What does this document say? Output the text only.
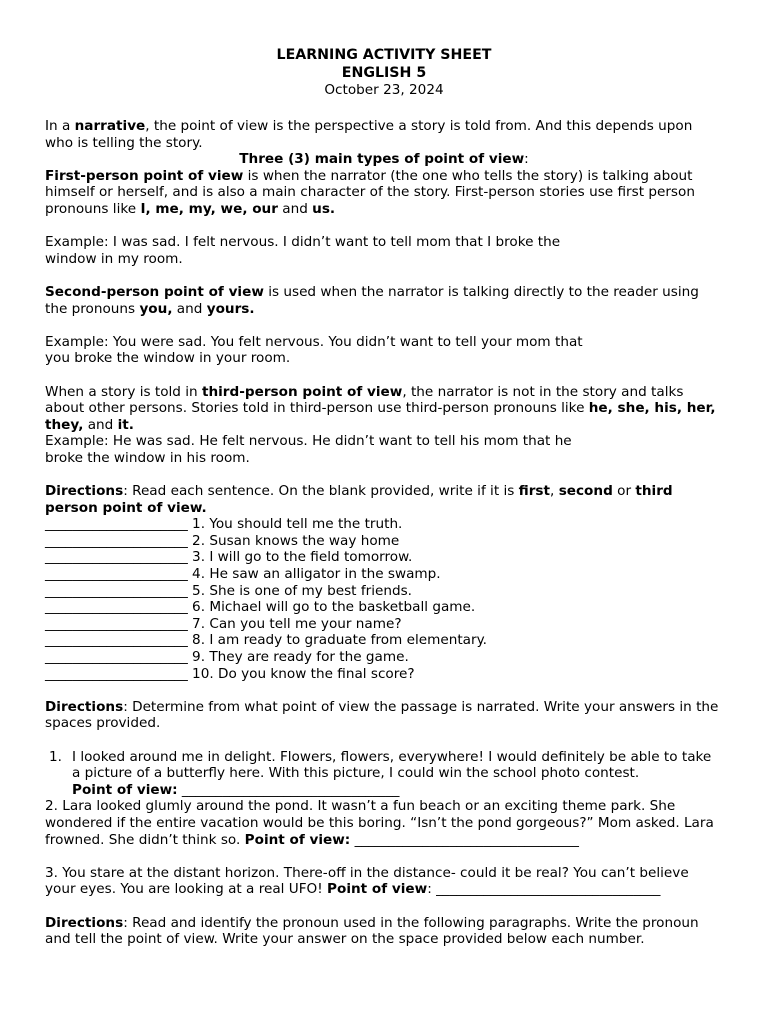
LEARNING ACTIVITY SHEET
ENGLISH 5
October 23, 2024

In a narrative, the point of view is the perspective a story is told from. And this depends upon who is telling the story.

Three (3) main types of point of view:

First-person point of view is when the narrator (the one who tells the story) is talking about himself or herself, and is also a main character of the story. First-person stories use first person pronouns like I, me, my, we, our and us.

Example: I was sad. I felt nervous. I didn’t want to tell mom that I broke the

window in my room.

Second-person point of view is used when the narrator is talking directly to the reader using the pronouns you, and yours.

Example: You were sad. You felt nervous. You didn’t want to tell your mom that

you broke the window in your room.

When a story is told in third-person point of view, the narrator is not in the story and talks about other persons. Stories told in third-person use third-person pronouns like he, she, his, her, they, and it.

Example: He was sad. He felt nervous. He didn’t want to tell his mom that he

broke the window in his room.

Directions: Read each sentence. On the blank provided, write if it is first, second or third person point of view.

_____________________ 1. You should tell me the truth.
_____________________ 2. Susan knows the way home
_____________________ 3. I will go to the field tomorrow.
_____________________ 4. He saw an alligator in the swamp.
_____________________ 5. She is one of my best friends.
_____________________ 6. Michael will go to the basketball game.
_____________________ 7. Can you tell me your name?
_____________________ 8. I am ready to graduate from elementary.
_____________________ 9. They are ready for the game.
_____________________ 10. Do you know the final score?

Directions: Determine from what point of view the passage is narrated. Write your answers in the spaces provided.

1. I looked around me in delight. Flowers, flowers, everywhere! I would definitely be able to take a picture of a butterfly here. With this picture, I could win the school photo contest.
Point of view: ________________________________

2. Lara looked glumly around the pond. It wasn’t a fun beach or an exciting theme park. She wondered if the entire vacation would be this boring. “Isn’t the pond gorgeous?” Mom asked. Lara frowned. She didn’t think so. Point of view: _________________________________

3. You stare at the distant horizon. There-off in the distance- could it be real? You can’t believe your eyes. You are looking at a real UFO! Point of view: _________________________________

Directions: Read and identify the pronoun used in the following paragraphs. Write the pronoun and tell the point of view. Write your answer on the space provided below each number.
